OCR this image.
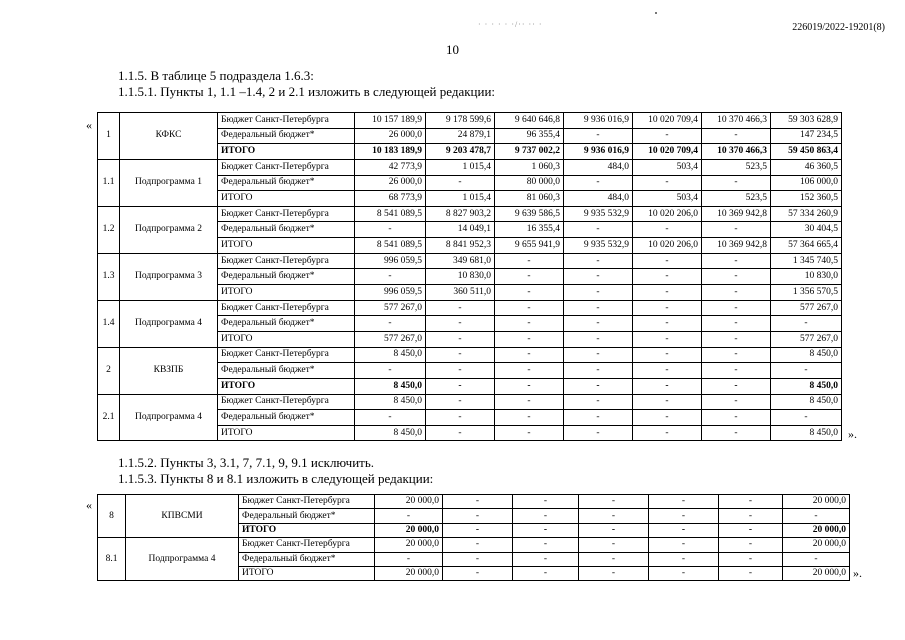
· · · · · ·/·· ·· ·	226019/2022-19201(8)
10
1.1.5. В таблице 5 подраздела 1.6.3:
1.1.5.1. Пункты 1, 1.1 –1.4, 2 и 2.1 изложить в следующей редакции:
«
1	КФКС	Бюджет Санкт-Петербурга	10 157 189,9	9 178 599,6	9 640 646,8	9 936 016,9	10 020 709,4	10 370 466,3	59 303 628,9
		Федеральный бюджет*	26 000,0	24 879,1	96 355,4	-	-	-	147 234,5
		ИТОГО	10 183 189,9	9 203 478,7	9 737 002,2	9 936 016,9	10 020 709,4	10 370 466,3	59 450 863,4
1.1	Подпрограмма 1	Бюджет Санкт-Петербурга	42 773,9	1 015,4	1 060,3	484,0	503,4	523,5	46 360,5
		Федеральный бюджет*	26 000,0	-	80 000,0	-	-	-	106 000,0
		ИТОГО	68 773,9	1 015,4	81 060,3	484,0	503,4	523,5	152 360,5
1.2	Подпрограмма 2	Бюджет Санкт-Петербурга	8 541 089,5	8 827 903,2	9 639 586,5	9 935 532,9	10 020 206,0	10 369 942,8	57 334 260,9
		Федеральный бюджет*	-	14 049,1	16 355,4	-	-	-	30 404,5
		ИТОГО	8 541 089,5	8 841 952,3	9 655 941,9	9 935 532,9	10 020 206,0	10 369 942,8	57 364 665,4
1.3	Подпрограмма 3	Бюджет Санкт-Петербурга	996 059,5	349 681,0	-	-	-	-	1 345 740,5
		Федеральный бюджет*	-	10 830,0	-	-	-	-	10 830,0
		ИТОГО	996 059,5	360 511,0	-	-	-	-	1 356 570,5
1.4	Подпрограмма 4	Бюджет Санкт-Петербурга	577 267,0	-	-	-	-	-	577 267,0
		Федеральный бюджет*	-	-	-	-	-	-	-
		ИТОГО	577 267,0	-	-	-	-	-	577 267,0
2	КВЗПБ	Бюджет Санкт-Петербурга	8 450,0	-	-	-	-	-	8 450,0
		Федеральный бюджет*	-	-	-	-	-	-	-
		ИТОГО	8 450,0	-	-	-	-	-	8 450,0
2.1	Подпрограмма 4	Бюджет Санкт-Петербурга	8 450,0	-	-	-	-	-	8 450,0
		Федеральный бюджет*	-	-	-	-	-	-	-
		ИТОГО	8 450,0	-	-	-	-	-	8 450,0 ».
1.1.5.2. Пункты 3, 3.1, 7, 7.1, 9, 9.1 исключить.
1.1.5.3. Пункты 8 и 8.1 изложить в следующей редакции:
«
8	КПВСМИ	Бюджет Санкт-Петербурга	20 000,0	-	-	-	-	-	20 000,0
		Федеральный бюджет*	-	-	-	-	-	-	-
		ИТОГО	20 000,0	-	-	-	-	-	20 000,0
8.1	Подпрограмма 4	Бюджет Санкт-Петербурга	20 000,0	-	-	-	-	-	20 000,0
		Федеральный бюджет*	-	-	-	-	-	-	-
		ИТОГО	20 000,0	-	-	-	-	-	20 000,0 ».
